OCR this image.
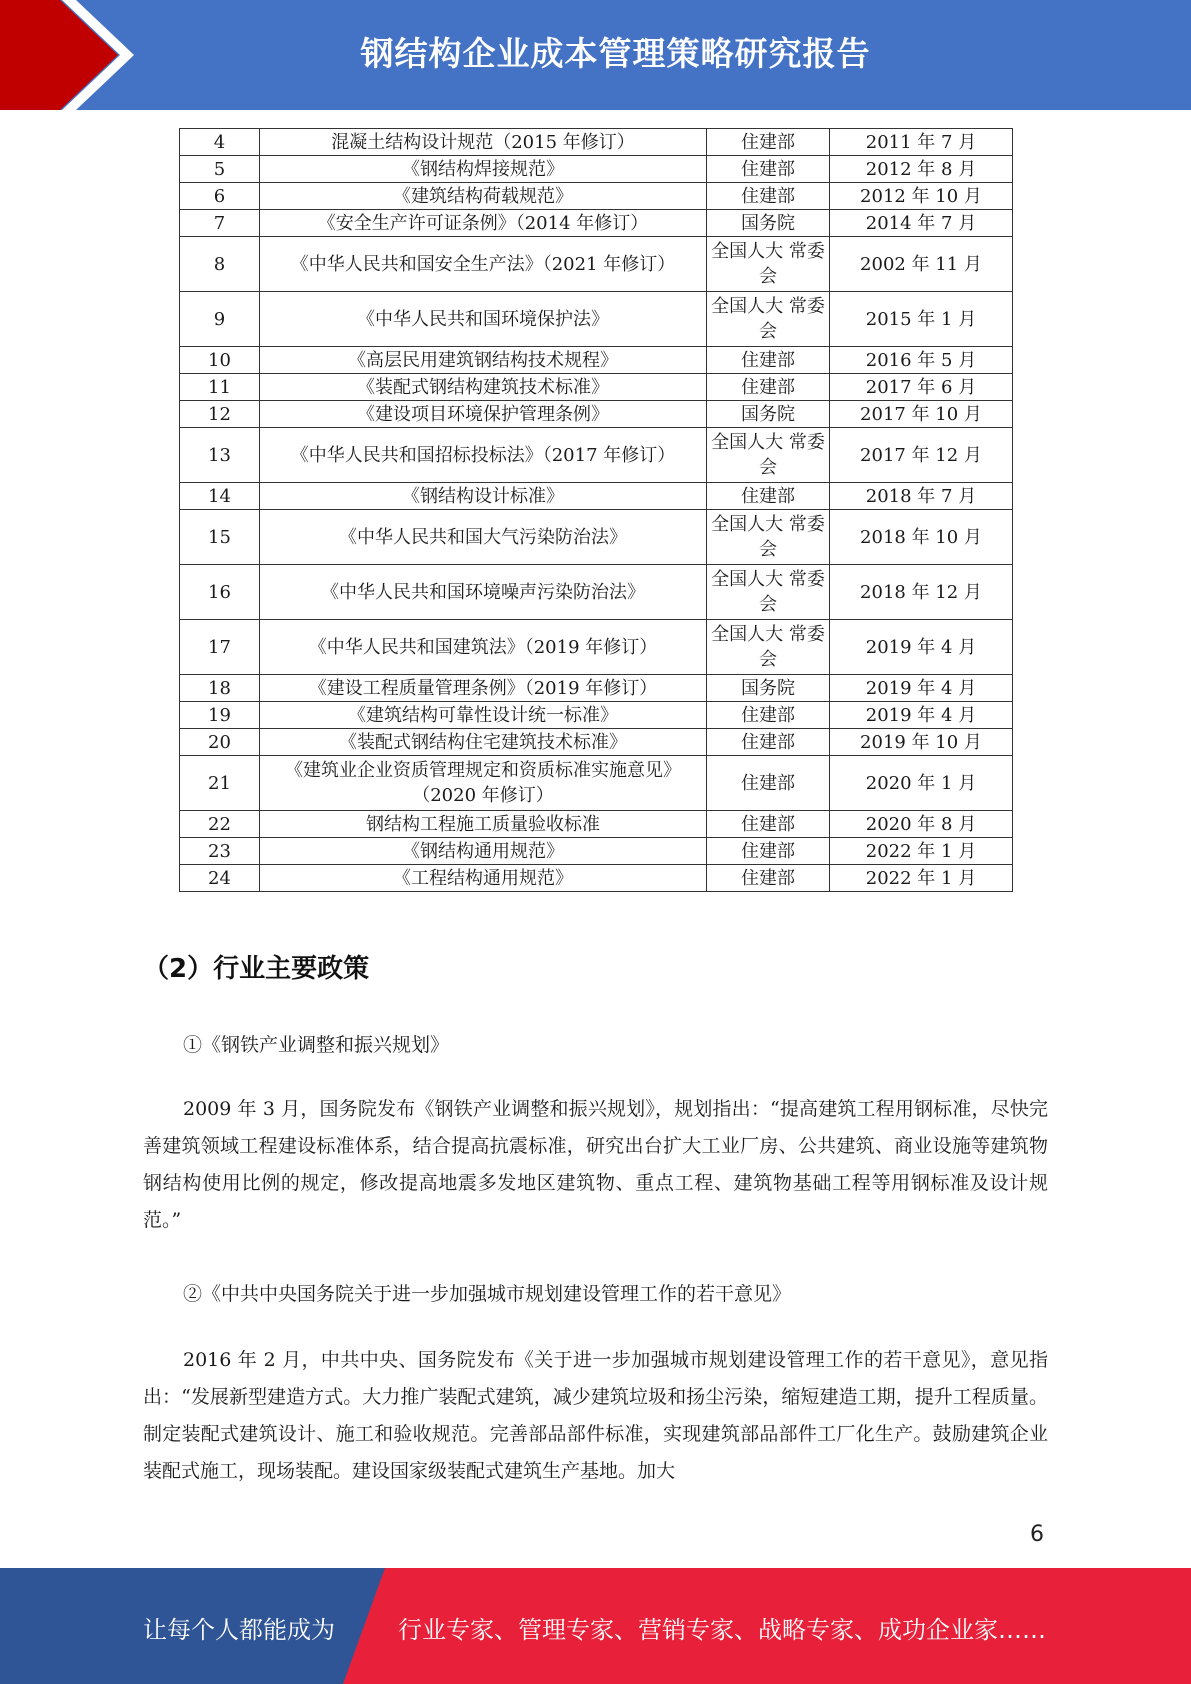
钢结构企业成本管理策略研究报告
4	混凝土结构设计规范（2015 年修订）	住建部	2011 年 7 月
5	《钢结构焊接规范》	住建部	2012 年 8 月
6	《建筑结构荷载规范》	住建部	2012 年 10 月
7	《安全生产许可证条例》（2014 年修订）	国务院	2014 年 7 月
8	《中华人民共和国安全生产法》（2021 年修订）	全国人大 常委会	2002 年 11 月
9	《中华人民共和国环境保护法》	全国人大 常委会	2015 年 1 月
10	《高层民用建筑钢结构技术规程》	住建部	2016 年 5 月
11	《装配式钢结构建筑技术标准》	住建部	2017 年 6 月
12	《建设项目环境保护管理条例》	国务院	2017 年 10 月
13	《中华人民共和国招标投标法》（2017 年修订）	全国人大 常委会	2017 年 12 月
14	《钢结构设计标准》	住建部	2018 年 7 月
15	《中华人民共和国大气污染防治法》	全国人大 常委会	2018 年 10 月
16	《中华人民共和国环境噪声污染防治法》	全国人大 常委会	2018 年 12 月
17	《中华人民共和国建筑法》（2019 年修订）	全国人大 常委会	2019 年 4 月
18	《建设工程质量管理条例》（2019 年修订）	国务院	2019 年 4 月
19	《建筑结构可靠性设计统一标准》	住建部	2019 年 4 月
20	《装配式钢结构住宅建筑技术标准》	住建部	2019 年 10 月
21	《建筑业企业资质管理规定和资质标准实施意见》（2020 年修订）	住建部	2020 年 1 月
22	钢结构工程施工质量验收标准	住建部	2020 年 8 月
23	《钢结构通用规范》	住建部	2022 年 1 月
24	《工程结构通用规范》	住建部	2022 年 1 月
（2）行业主要政策
①《钢铁产业调整和振兴规划》
2009 年 3 月，国务院发布《钢铁产业调整和振兴规划》，规划指出：“提高建筑工程用钢标准，尽快完善建筑领域工程建设标准体系，结合提高抗震标准，研究出台扩大工业厂房、公共建筑、商业设施等建筑物钢结构使用比例的规定，修改提高地震多发地区建筑物、重点工程、建筑物基础工程等用钢标准及设计规范。”
②《中共中央国务院关于进一步加强城市规划建设管理工作的若干意见》
2016 年 2 月，中共中央、国务院发布《关于进一步加强城市规划建设管理工作的若干意见》，意见指出：“发展新型建造方式。大力推广装配式建筑，减少建筑垃圾和扬尘污染，缩短建造工期，提升工程质量。制定装配式建筑设计、施工和验收规范。完善部品部件标准，实现建筑部品部件工厂化生产。鼓励建筑企业装配式施工，现场装配。建设国家级装配式建筑生产基地。加大
6
让每个人都能成为	行业专家、管理专家、营销专家、战略专家、成功企业家……
